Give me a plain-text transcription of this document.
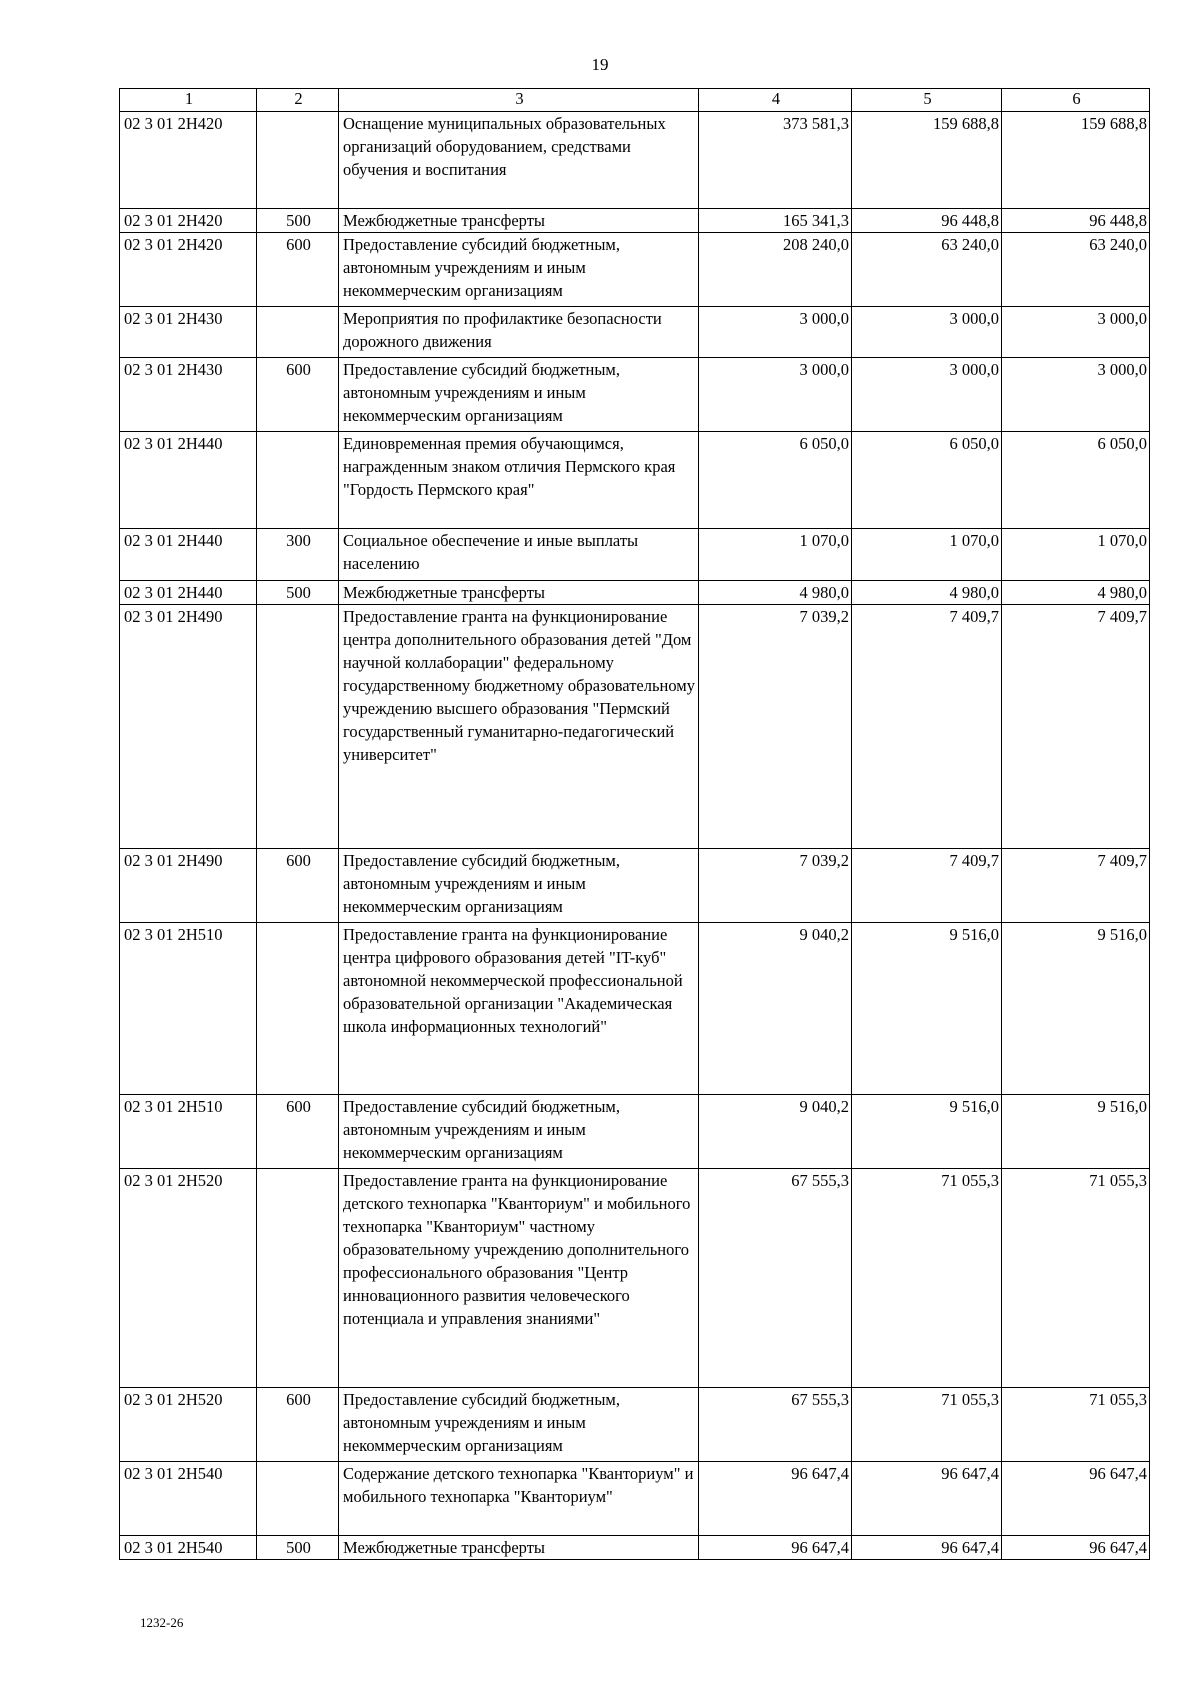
19
1	2	3	4	5	6
02 3 01 2Н420		Оснащение муниципальных образовательных организаций оборудованием, средствами обучения и воспитания	373 581,3	159 688,8	159 688,8
02 3 01 2Н420	500	Межбюджетные трансферты	165 341,3	96 448,8	96 448,8
02 3 01 2Н420	600	Предоставление субсидий бюджетным, автономным учреждениям и иным некоммерческим организациям	208 240,0	63 240,0	63 240,0
02 3 01 2Н430		Мероприятия по профилактике безопасности дорожного движения	3 000,0	3 000,0	3 000,0
02 3 01 2Н430	600	Предоставление субсидий бюджетным, автономным учреждениям и иным некоммерческим организациям	3 000,0	3 000,0	3 000,0
02 3 01 2Н440		Единовременная премия обучающимся, награжденным знаком отличия Пермского края "Гордость Пермского края"	6 050,0	6 050,0	6 050,0
02 3 01 2Н440	300	Социальное обеспечение и иные выплаты населению	1 070,0	1 070,0	1 070,0
02 3 01 2Н440	500	Межбюджетные трансферты	4 980,0	4 980,0	4 980,0
02 3 01 2Н490		Предоставление гранта на функционирование центра дополнительного образования детей "Дом научной коллаборации" федеральному государственному бюджетному образовательному учреждению высшего образования "Пермский государственный гуманитарно-педагогический университет"	7 039,2	7 409,7	7 409,7
02 3 01 2Н490	600	Предоставление субсидий бюджетным, автономным учреждениям и иным некоммерческим организациям	7 039,2	7 409,7	7 409,7
02 3 01 2Н510		Предоставление гранта на функционирование центра цифрового образования детей "IT-куб" автономной некоммерческой профессиональной образовательной организации "Академическая школа информационных технологий"	9 040,2	9 516,0	9 516,0
02 3 01 2Н510	600	Предоставление субсидий бюджетным, автономным учреждениям и иным некоммерческим организациям	9 040,2	9 516,0	9 516,0
02 3 01 2Н520		Предоставление гранта на функционирование детского технопарка "Кванториум" и мобильного технопарка "Кванториум" частному образовательному учреждению дополнительного профессионального образования "Центр инновационного развития человеческого потенциала и управления знаниями"	67 555,3	71 055,3	71 055,3
02 3 01 2Н520	600	Предоставление субсидий бюджетным, автономным учреждениям и иным некоммерческим организациям	67 555,3	71 055,3	71 055,3
02 3 01 2Н540		Содержание детского технопарка "Кванториум" и мобильного технопарка "Кванториум"	96 647,4	96 647,4	96 647,4
02 3 01 2Н540	500	Межбюджетные трансферты	96 647,4	96 647,4	96 647,4
1232-26
